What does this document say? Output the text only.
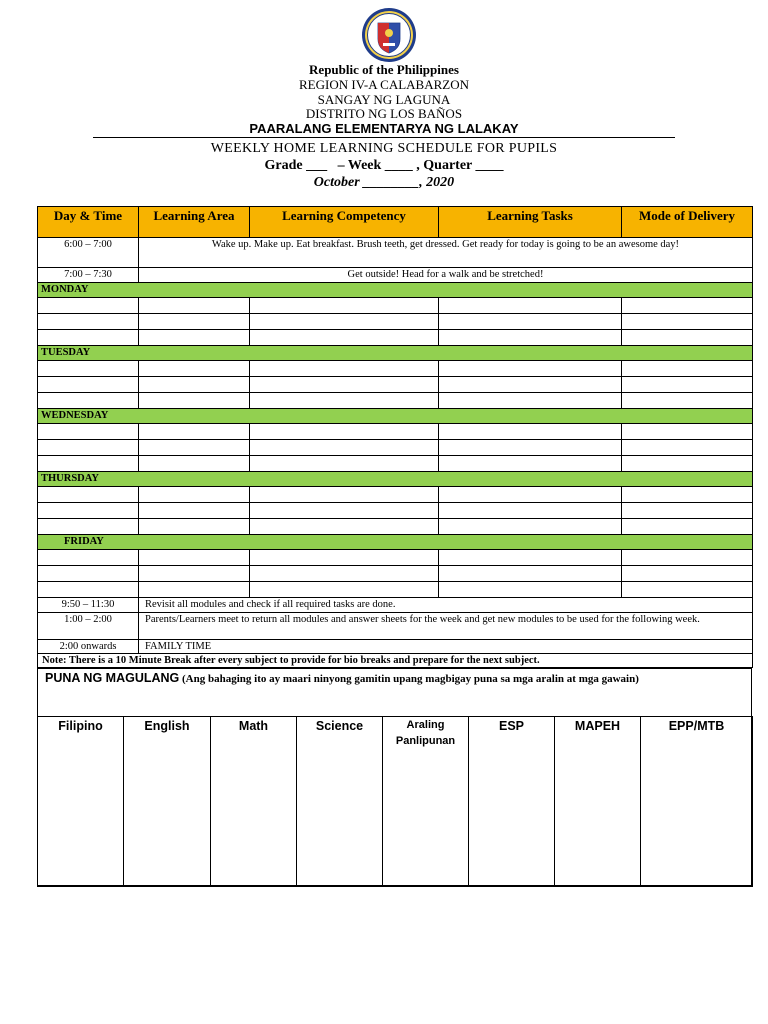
Republic of the Philippines
REGION IV-A CALABARZON
SANGAY NG LAGUNA
DISTRITO NG LOS BAÑOS
PAARALANG ELEMENTARYA NG LALAKAY
WEEKLY HOME LEARNING SCHEDULE FOR PUPILS
Grade ___   – Week ____ , Quarter ____
October ________, 2020
Day & Time	Learning Area	Learning Competency	Learning Tasks	Mode of Delivery
6:00 – 7:00	Wake up. Make up. Eat breakfast. Brush teeth, get dressed. Get ready for today is going to be an awesome day!			
7:00 – 7:30	Get outside! Head for a walk and be stretched!			
MONDAY				

TUESDAY				

WEDNESDAY				

THURSDAY				

FRIDAY				

9:50 – 11:30	Revisit all modules and check if all required tasks are done.			
1:00 – 2:00	Parents/Learners meet to return all modules and answer sheets for the week and get new modules to be used for the following week.			
2:00 onwards	FAMILY TIME			
Note: There is a 10 Minute Break after every subject to provide for bio breaks and prepare for the next subject.				
PUNA NG MAGULANG (Ang bahaging ito ay maari ninyong gamitin upang magbigay puna sa mga aralin at mga gawain)
Filipino	English	Math	Science	Araling Panlipunan	ESP	MAPEH	EPP/MTB
